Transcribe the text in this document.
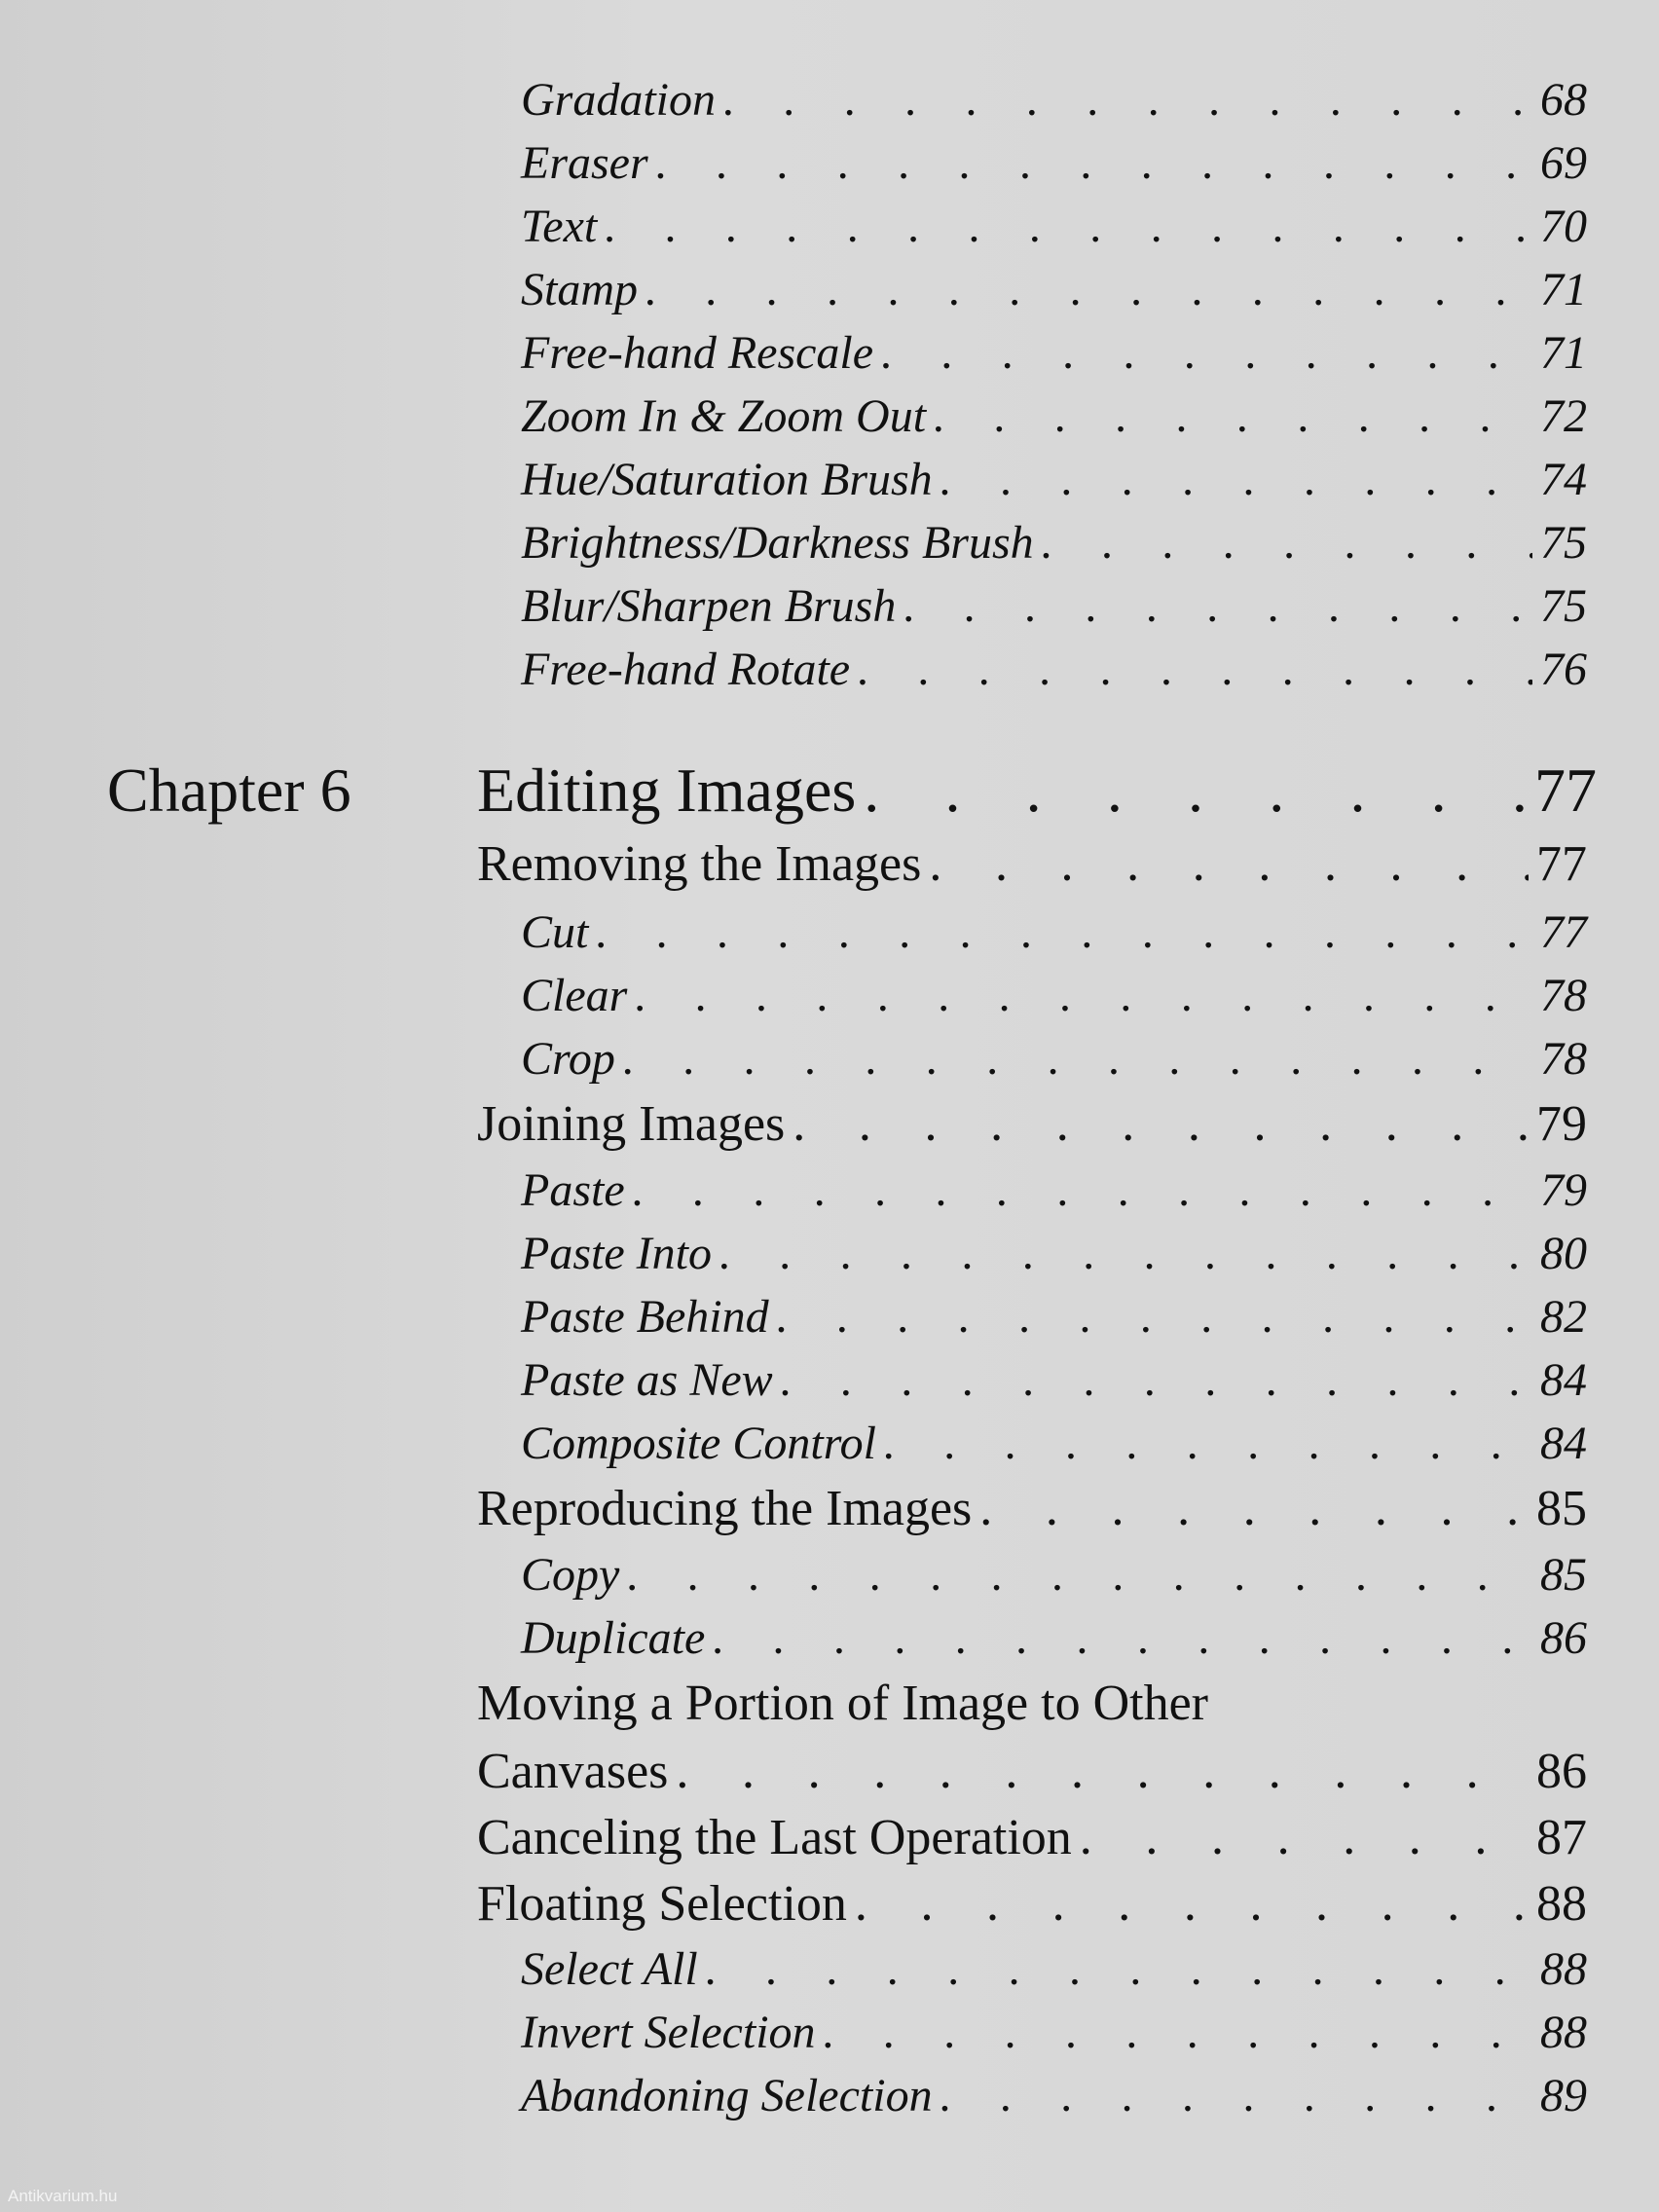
Gradation . . .	68
Eraser . . .	69
Text . . .	70
Stamp . . .	71
Free-hand Rescale . . .	71
Zoom In & Zoom Out . . .	72
Hue/Saturation Brush . . .	74
Brightness/Darkness Brush . . .	75
Blur/Sharpen Brush . . .	75
Free-hand Rotate . . .	76
Chapter 6 Editing Images . . .	77
Removing the Images . . .	77
Cut . . .	77
Clear . . .	78
Crop . . .	78
Joining Images . . .	79
Paste . . .	79
Paste Into . . .	80
Paste Behind . . .	82
Paste as New . . .	84
Composite Control . . .	84
Reproducing the Images . . .	85
Copy . . .	85
Duplicate . . .	86
Moving a Portion of Image to Other
Canvases . . .	86
Canceling the Last Operation . . .	87
Floating Selection . . .	88
Select All . . .	88
Invert Selection . . .	88
Abandoning Selection . . .	89
Antikvarium.hu
